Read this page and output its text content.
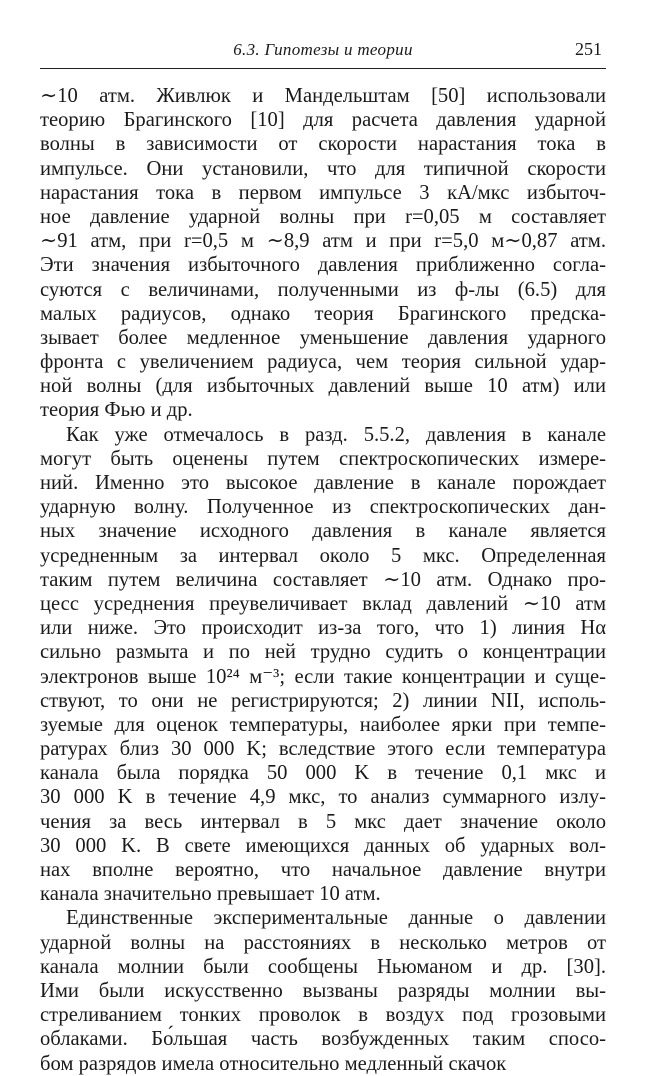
6.3. Гипотезы и теории	251
∼10 атм. Живлюк и Мандельштам [50] использовали
теорию Брагинского [10] для расчета давления ударной
волны в зависимости от скорости нарастания тока в
импульсе. Они установили, что для типичной скорости
нарастания тока в первом импульсе 3 кА/мкс избыточ-
ное давление ударной волны при r=0,05 м составляет
∼91 атм, при r=0,5 м ∼8,9 атм и при r=5,0 м∼0,87 атм.
Эти значения избыточного давления приближенно согла-
суются с величинами, полученными из ф-лы (6.5) для
малых радиусов, однако теория Брагинского предска-
зывает более медленное уменьшение давления ударного
фронта с увеличением радиуса, чем теория сильной удар-
ной волны (для избыточных давлений выше 10 атм) или
теория Фью и др.
Как уже отмечалось в разд. 5.5.2, давления в канале
могут быть оценены путем спектроскопических измере-
ний. Именно это высокое давление в канале порождает
ударную волну. Полученное из спектроскопических дан-
ных значение исходного давления в канале является
усредненным за интервал около 5 мкс. Определенная
таким путем величина составляет ∼10 атм. Однако про-
цесс усреднения преувеличивает вклад давлений ∼10 атм
или ниже. Это происходит из-за того, что 1) линия Hα
сильно размыта и по ней трудно судить о концентрации
электронов выше 10²⁴ м⁻³; если такие концентрации и суще-
ствуют, то они не регистрируются; 2) линии NII, исполь-
зуемые для оценок температуры, наиболее ярки при темпе-
ратурах близ 30 000 K; вследствие этого если температура
канала была порядка 50 000 K в течение 0,1 мкс и
30 000 K в течение 4,9 мкс, то анализ суммарного излу-
чения за весь интервал в 5 мкс дает значение около
30 000 K. В свете имеющихся данных об ударных вол-
нах вполне вероятно, что начальное давление внутри
канала значительно превышает 10 атм.
Единственные экспериментальные данные о давлении
ударной волны на расстояниях в несколько метров от
канала молнии были сообщены Ньюманом и др. [30].
Ими были искусственно вызваны разряды молнии вы-
стреливанием тонких проволок в воздух под грозовыми
облаками. Бо́льшая часть возбужденных таким спосо-
бом разрядов имела относительно медленный скачок
